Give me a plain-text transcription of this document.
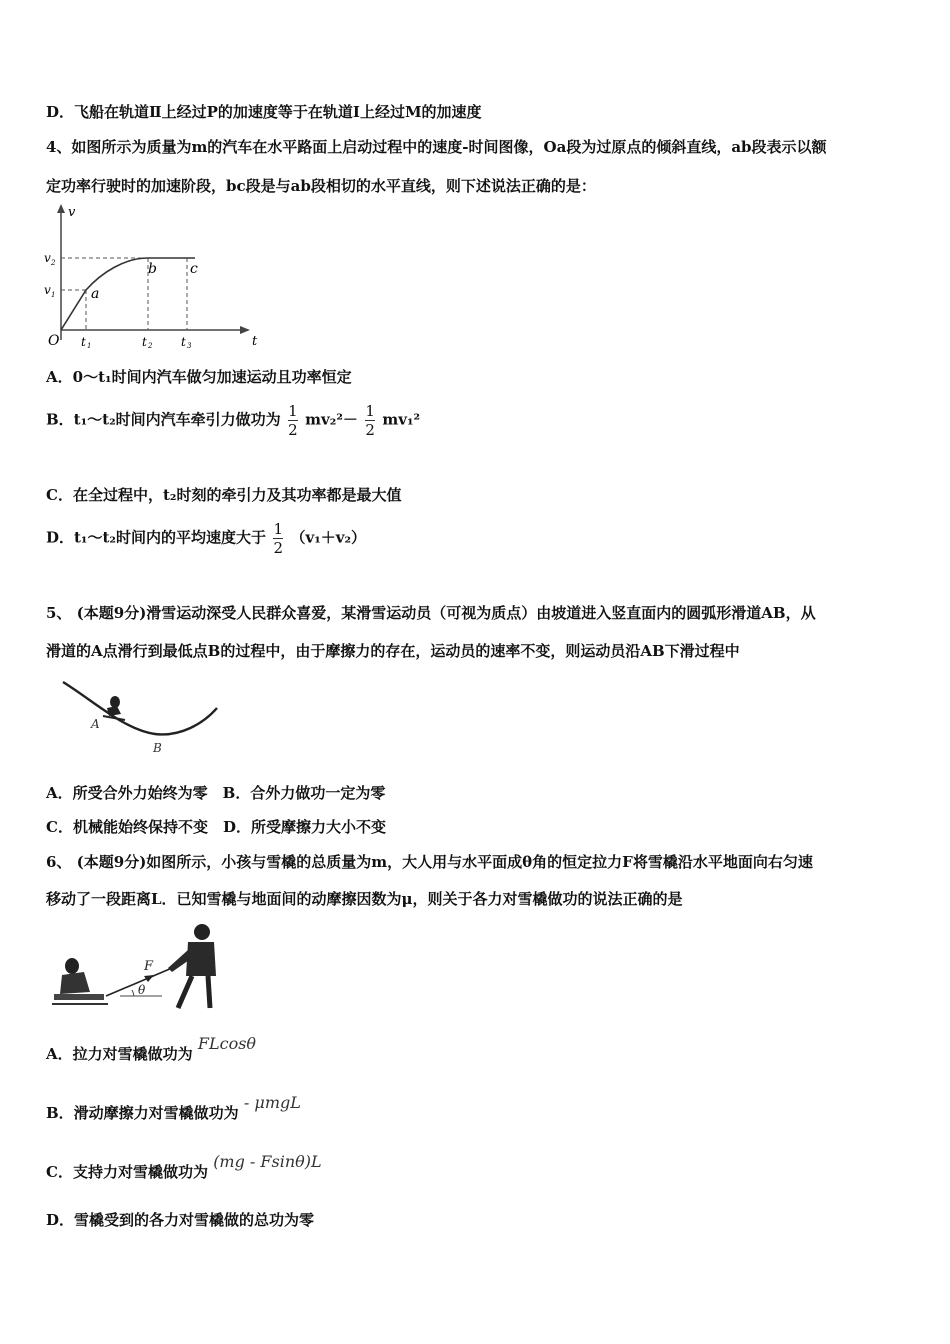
D．飞船在轨道Ⅱ上经过P的加速度等于在轨道Ⅰ上经过M的加速度
4、如图所示为质量为m的汽车在水平路面上启动过程中的速度-时间图像，Oa段为过原点的倾斜直线，ab段表示以额
定功率行驶时的加速阶段，bc段是与ab段相切的水平直线，则下述说法正确的是：
v
t
O
v 2
v 1
t 1	t 2 t 3
a
b c
A．0～t₁时间内汽车做匀加速运动且功率恒定
B．t₁～t₂时间内汽车牵引力做功为 $\frac{1}{2} mv_2^2- \frac{1}{2} mv_1^2$
C．在全过程中，t₂时刻的牵引力及其功率都是最大值
D．t₁～t₂时间内的平均速度大于 $\frac{1}{2} (v_1+v_2)$
5、 (本题9分)滑雪运动深受人民群众喜爱，某滑雪运动员（可视为质点）由坡道进入竖直面内的圆弧形滑道AB，从
滑道的A点滑行到最低点B的过程中，由于摩擦力的存在，运动员的速率不变，则运动员沿AB下滑过程中
A
B
A．所受合外力始终为零　B．合外力做功一定为零
C．机械能始终保持不变　D．所受摩擦力大小不变
6、 (本题9分)如图所示，小孩与雪橇的总质量为m，大人用与水平面成θ角的恒定拉力F将雪橇沿水平地面向右匀速
移动了一段距离L．已知雪橇与地面间的动摩擦因数为μ，则关于各力对雪橇做功的说法正确的是
F
θ
A．拉力对雪橇做功为 FLcosθ
B．滑动摩擦力对雪橇做功为 - μmgL
C．支持力对雪橇做功为 (mg - Fsinθ)L
D．雪橇受到的各力对雪橇做的总功为零
